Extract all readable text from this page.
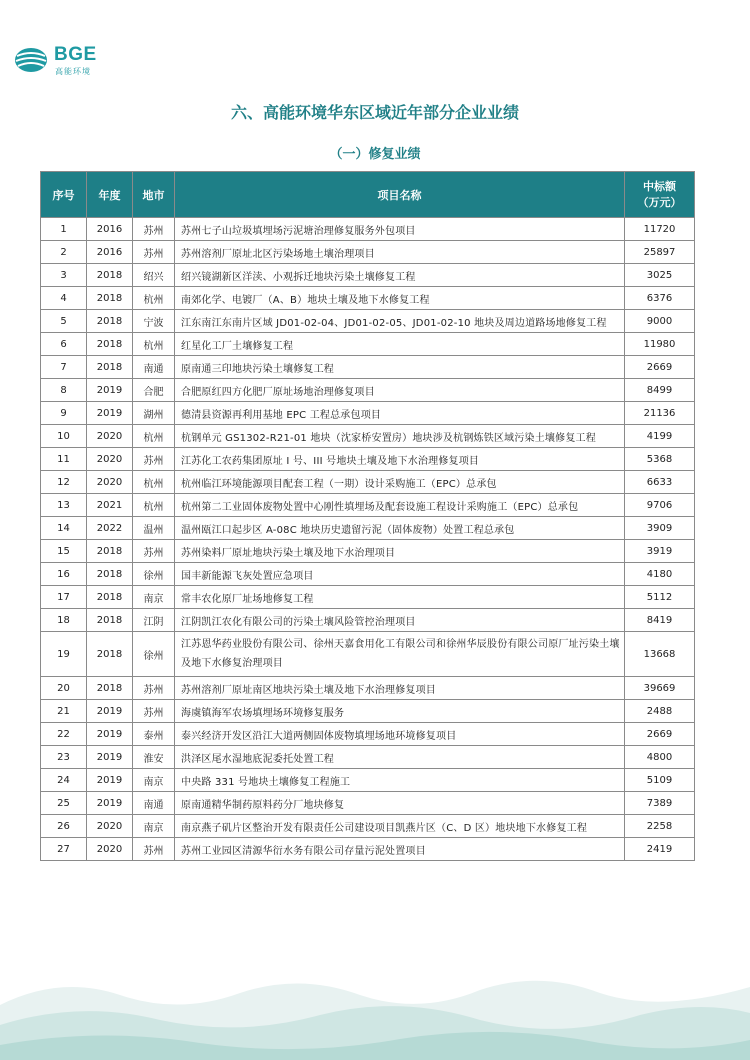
BGE
高能环境
六、高能环境华东区域近年部分企业业绩
（一）修复业绩
序号	年度	地市	项目名称	中标额
（万元）

1	2016	苏州	苏州七子山垃圾填埋场污泥塘治理修复服务外包项目	11720
2	2016	苏州	苏州溶剂厂原址北区污染场地土壤治理项目	25897
3	2018	绍兴	绍兴镜湖新区洋渎、小观拆迁地块污染土壤修复工程	3025
4	2018	杭州	南郊化学、电镀厂（A、B）地块土壤及地下水修复工程	6376
5	2018	宁波	江东南江东南片区域 JD01-02-04、JD01-02-05、JD01-02-10 地块及周边道路场地修复工程	9000
6	2018	杭州	红星化工厂土壤修复工程	11980
7	2018	南通	原南通三印地块污染土壤修复工程	2669
8	2019	合肥	合肥原红四方化肥厂原址场地治理修复项目	8499
9	2019	湖州	德清县资源再利用基地 EPC 工程总承包项目	21136
10	2020	杭州	杭钢单元 GS1302-R21-01 地块（沈家桥安置房）地块涉及杭钢炼铁区域污染土壤修复工程	4199
11	2020	苏州	江苏化工农药集团原址 I 号、III 号地块土壤及地下水治理修复项目	5368
12	2020	杭州	杭州临江环境能源项目配套工程（一期）设计采购施工（EPC）总承包	6633
13	2021	杭州	杭州第二工业固体废物处置中心刚性填埋场及配套设施工程设计采购施工（EPC）总承包	9706
14	2022	温州	温州瓯江口起步区 A-08C 地块历史遗留污泥（固体废物）处置工程总承包	3909
15	2018	苏州	苏州染料厂原址地块污染土壤及地下水治理项目	3919
16	2018	徐州	国丰新能源飞灰处置应急项目	4180
17	2018	南京	常丰农化原厂址场地修复工程	5112
18	2018	江阴	江阴凯江农化有限公司的污染土壤风险管控治理项目	8419
19	2018	徐州	江苏恩华药业股份有限公司、徐州天嘉食用化工有限公司和徐州华辰股份有限公司原厂址污染土壤及地下水修复治理项目	13668
20	2018	苏州	苏州溶剂厂原址南区地块污染土壤及地下水治理修复项目	39669
21	2019	苏州	海虞镇海军农场填埋场环境修复服务	2488
22	2019	泰州	泰兴经济开发区沿江大道两侧固体废物填埋场地环境修复项目	2669
23	2019	淮安	洪泽区尾水湿地底泥委托处置工程	4800
24	2019	南京	中央路 331 号地块土壤修复工程施工	5109
25	2019	南通	原南通精华制药原料药分厂地块修复	7389
26	2020	南京	南京燕子矶片区整治开发有限责任公司建设项目凯燕片区（C、D 区）地块地下水修复工程	2258
27	2020	苏州	苏州工业园区清源华衍水务有限公司存量污泥处置项目	2419
